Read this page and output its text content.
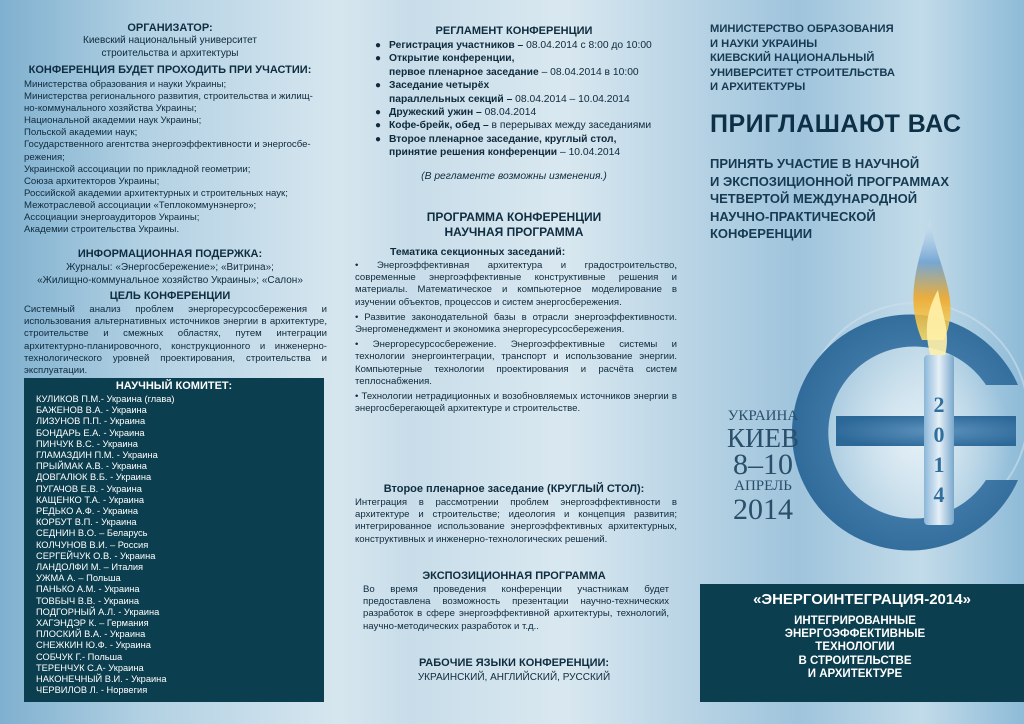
ОРГАНИЗАТОР:
Киевский национальный университет
строительства и архитектуры
КОНФЕРЕНЦИЯ БУДЕТ ПРОХОДИТЬ ПРИ УЧАСТИИ:
Министерства образования и науки Украины;
Министерства регионального развития, строительства и жилищ-
но-коммунального хозяйства Украины;
Национальной академии наук Украины;
Польской академии наук;
Государственного агентства энергоэффективности и энергосбе-
режения;
Украинской ассоциации по прикладной геометрии;
Союза архитекторов Украины;
Российской академии архитектурных и строительных наук;
Межотраслевой ассоциации «Теплокоммунэнерго»;
Ассоциации энергоаудиторов Украины;
Академии строительства Украины.
ИНФОРМАЦИОННАЯ ПОДЕРЖКА:
Журналы: «Энергосбережение»; «Витрина»;
«Жилищно-коммунальное хозяйство Украины»; «Салон»
ЦЕЛЬ КОНФЕРЕНЦИИ
Системный анализ проблем энергоресурсосбережения и использования альтернативных источников энергии в архитектуре, строительстве и смежных областях, путем интеграции архитектурно-планировочного, конструкционного и инженерно-технологического уровней проектирования, строительства и эксплуатации.
НАУЧНЫЙ КОМИТЕТ:
КУЛИКОВ П.М.- Украина (глава)
БАЖЕНОВ В.А. - Украина
ЛИЗУНОВ П.П. - Украина
БОНДАРЬ Е.А. - Украина
ПИНЧУК В.С. - Украина
ГЛАМАЗДИН П.М. - Украина
ПРЫЙМАК А.В. - Украина
ДОВГАЛЮК В.Б. - Украина
ПУГАЧОВ Е.В. - Украина
КАЩЕНКО Т.А. - Украина
РЕДЬКО А.Ф. - Украина
КОРБУТ В.П. - Украина
СЕДНИН В.О. – Беларусь
КОЛЧУНОВ В.И. – Россия
СЕРГЕЙЧУК О.В. - Украина
ЛАНДОЛФИ М. – Италия
УЖМА А. – Польша
ПАНЬКО А.М. - Украина
ТОВБЫЧ В.В. - Украина
ПОДГОРНЫЙ А.Л. - Украина
ХАГЭНДЭР К. – Германия
ПЛОСКИЙ В.А. - Украина
СНЕЖКИН Ю.Ф. - Украина
СОБЧУК Г.- Польша
ТЕРЕНЧУК С.А- Украина
НАКОНЕЧНЫЙ В.И. - Украина
ЧЕРВИЛОВ Л. - Норвегия
РЕГЛАМЕНТ КОНФЕРЕНЦИИ
● Регистрация участников – 08.04.2014 с 8:00 до 10:00
● Открытие конференции,
первое пленарное заседание – 08.04.2014 в 10:00
● Заседание четырёх
параллельных секций – 08.04.2014 – 10.04.2014
● Дружеский ужин – 08.04.2014
● Кофе-брейк, обед – в перерывах между заседаниями
● Второе пленарное заседание, круглый стол,
принятие решения конференции – 10.04.2014
(В регламенте возможны изменения.)
ПРОГРАММА КОНФЕРЕНЦИИ
НАУЧНАЯ ПРОГРАММА
Тематика секционных заседаний:

• Энергоэффективная архитектура и градостроительство, современные энергоэффективные конструктивные решения и материалы. Математическое и компьютерное моделирование в изучении объектов, процессов и систем энергосбережения.

• Развитие законодательной базы в отрасли энергоэффективности. Энергоменеджмент и экономика энергоресурсосбережения.

• Энергоресурсосбережение. Энергоэффективные системы и технологии энергоинтеграции, транспорт и использование энергии. Компьютерные технологии проектирования и расчёта систем теплоснабжения.

• Технологии нетрадиционных и возобновляемых источников энергии в энергосберегающей архитектуре и строительстве.

Второе пленарное заседание (КРУГЛЫЙ СТОЛ):
Интеграция в рассмотрении проблем энергоэффективности в архитектуре и строительстве; идеология и концепция развития; интегрированное использование энергоэффективных архитектурных, конструктивных и инженерно-технологических решений.
ЭКСПОЗИЦИОННАЯ ПРОГРАММА
Во время проведения конференции участникам будет предоставлена возможность презентации научно-технических разработок в сфере энергоэффективной архитектуры, технологий, научно-методических разработок и т.д..
РАБОЧИЕ ЯЗЫКИ КОНФЕРЕНЦИИ:
УКРАИНСКИЙ, АНГЛИЙСКИЙ, РУССКИЙ
МИНИСТЕРСТВО ОБРАЗОВАНИЯ
И НАУКИ УКРАИНЫ
КИЕВСКИЙ НАЦИОНАЛЬНЫЙ
УНИВЕРСИТЕТ СТРОИТЕЛЬСТВА
И АРХИТЕКТУРЫ
ПРИГЛАШАЮТ ВАС
ПРИНЯТЬ УЧАСТИЕ В НАУЧНОЙ
И ЭКСПОЗИЦИОННОЙ ПРОГРАММАХ
ЧЕТВЕРТОЙ МЕЖДУНАРОДНОЙ
НАУЧНО-ПРАКТИЧЕСКОЙ
КОНФЕРЕНЦИИ
2
0
1
4
УКРАИНА
КИЕВ
8–10
АПРЕЛЬ
2014
«ЭНЕРГОИНТЕГРАЦИЯ-2014»
ИНТЕГРИРОВАННЫЕ
ЭНЕРГОЭФФЕКТИВНЫЕ
ТЕХНОЛОГИИ
В СТРОИТЕЛЬСТВЕ
И АРХИТЕКТУРЕ
